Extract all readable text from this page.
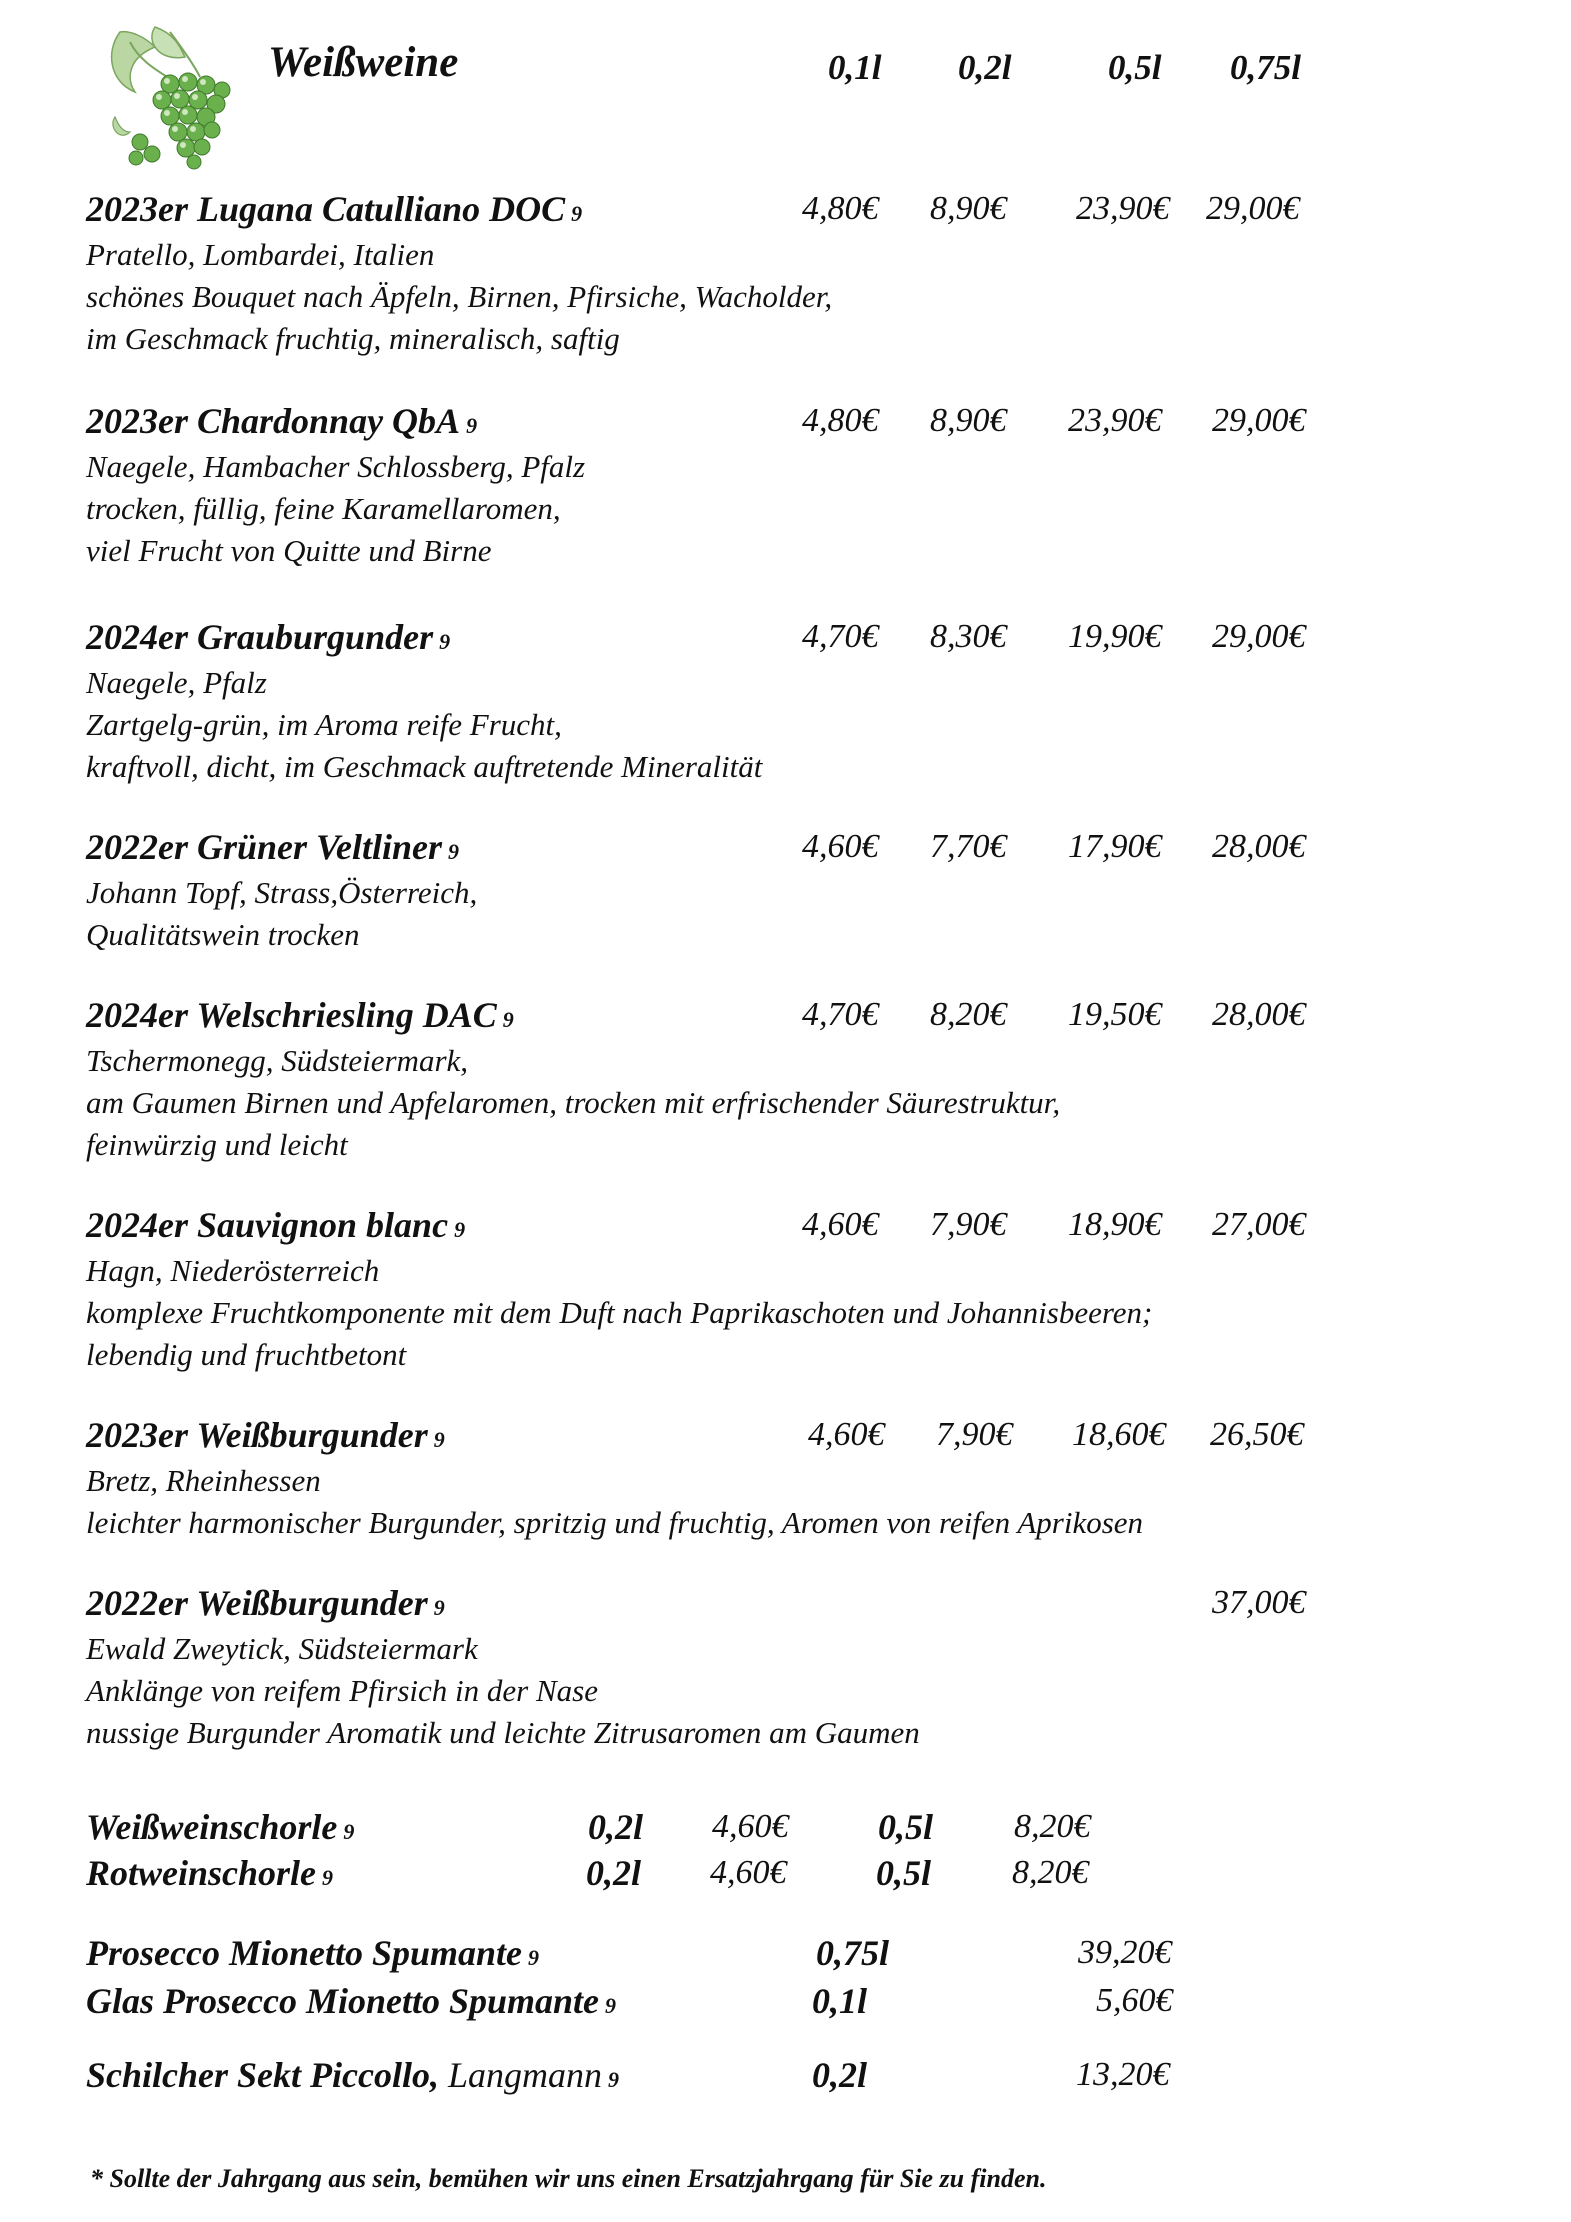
Weißweine	0,1l 0,2l	0,5l 0,75l
2023er Lugana Catulliano DOC 9	4,80€ 8,90€ 23,90€ 29,00€
Pratello, Lombardei, Italien
schönes Bouquet nach Äpfeln, Birnen, Pfirsiche, Wacholder,
im Geschmack fruchtig, mineralisch, saftig
2023er Chardonnay QbA 9	4,80€ 8,90€ 23,90€ 29,00€
Naegele, Hambacher Schlossberg, Pfalz
trocken, füllig, feine Karamellaromen,
viel Frucht von Quitte und Birne
2024er Grauburgunder 9	4,70€ 8,30€ 19,90€ 29,00€
Naegele, Pfalz
Zartgelg-grün, im Aroma reife Frucht,
kraftvoll, dicht, im Geschmack auftretende Mineralität
2022er Grüner Veltliner 9	4,60€ 7,70€ 17,90€ 28,00€
Johann Topf, Strass,Österreich,
Qualitätswein trocken
2024er Welschriesling DAC 9	4,70€ 8,20€ 19,50€ 28,00€
Tschermonegg, Südsteiermark,
am Gaumen Birnen und Apfelaromen, trocken mit erfrischender Säurestruktur,
feinwürzig und leicht
2024er Sauvignon blanc 9	4,60€ 7,90€ 18,90€ 27,00€
Hagn, Niederösterreich
komplexe Fruchtkomponente mit dem Duft nach Paprikaschoten und Johannisbeeren;
lebendig und fruchtbetont
2023er Weißburgunder 9	4,60€ 7,90€ 18,60€ 26,50€
Bretz, Rheinhessen
leichter harmonischer Burgunder, spritzig und fruchtig, Aromen von reifen Aprikosen
2022er Weißburgunder 9	37,00€
Ewald Zweytick, Südsteiermark
Anklänge von reifem Pfirsich in der Nase
nussige Burgunder Aromatik und leichte Zitrusaromen am Gaumen
Weißweinschorle 9	0,2l 4,60€ 0,5l 8,20€
Rotweinschorle 9	0,2l 4,60€ 0,5l 8,20€
Prosecco Mionetto Spumante 9	0,75l	39,20€
Glas Prosecco Mionetto Spumante 9	0,1l	5,60€
Schilcher Sekt Piccollo, Langmann 9	0,2l	13,20€
* Sollte der Jahrgang aus sein, bemühen wir uns einen Ersatzjahrgang für Sie zu finden.
